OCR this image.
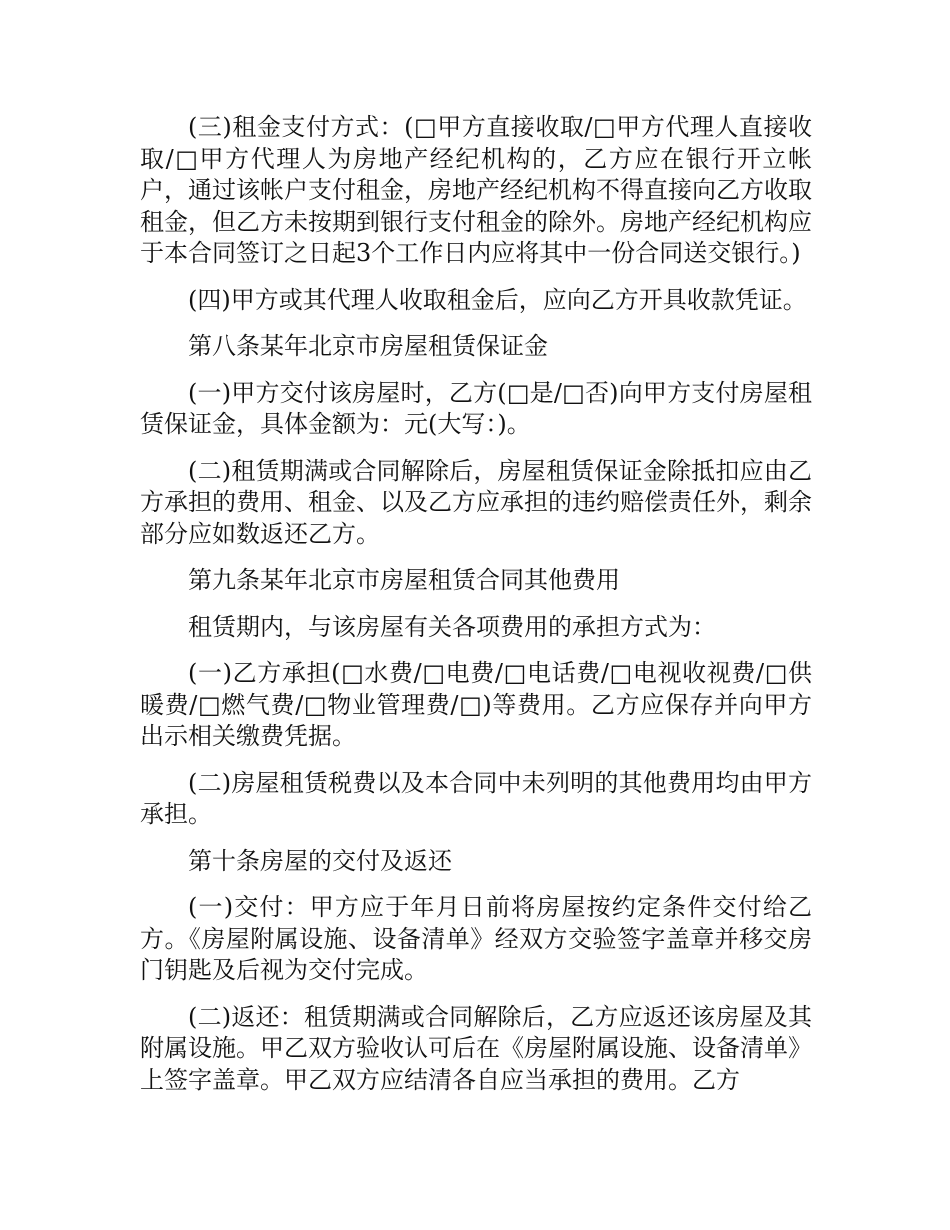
(三)租金支付方式：(□甲方直接收取/□甲方代理人直接收取/□甲方代理人为房地产经纪机构的，乙方应在银行开立帐户，通过该帐户支付租金，房地产经纪机构不得直接向乙方收取租金，但乙方未按期到银行支付租金的除外。房地产经纪机构应于本合同签订之日起3个工作日内应将其中一份合同送交银行。)

(四)甲方或其代理人收取租金后，应向乙方开具收款凭证。

第八条某年北京市房屋租赁保证金

(一)甲方交付该房屋时，乙方(□是/□否)向甲方支付房屋租赁保证金，具体金额为：元(大写：)。

(二)租赁期满或合同解除后，房屋租赁保证金除抵扣应由乙方承担的费用、租金、以及乙方应承担的违约赔偿责任外，剩余部分应如数返还乙方。

第九条某年北京市房屋租赁合同其他费用

租赁期内，与该房屋有关各项费用的承担方式为：

(一)乙方承担(□水费/□电费/□电话费/□电视收视费/□供暖费/□燃气费/□物业管理费/□)等费用。乙方应保存并向甲方出示相关缴费凭据。

(二)房屋租赁税费以及本合同中未列明的其他费用均由甲方承担。

第十条房屋的交付及返还

(一)交付：甲方应于年月日前将房屋按约定条件交付给乙方。《房屋附属设施、设备清单》经双方交验签字盖章并移交房门钥匙及后视为交付完成。

(二)返还：租赁期满或合同解除后，乙方应返还该房屋及其附属设施。甲乙双方验收认可后在《房屋附属设施、设备清单》上签字盖章。甲乙双方应结清各自应当承担的费用。乙方
